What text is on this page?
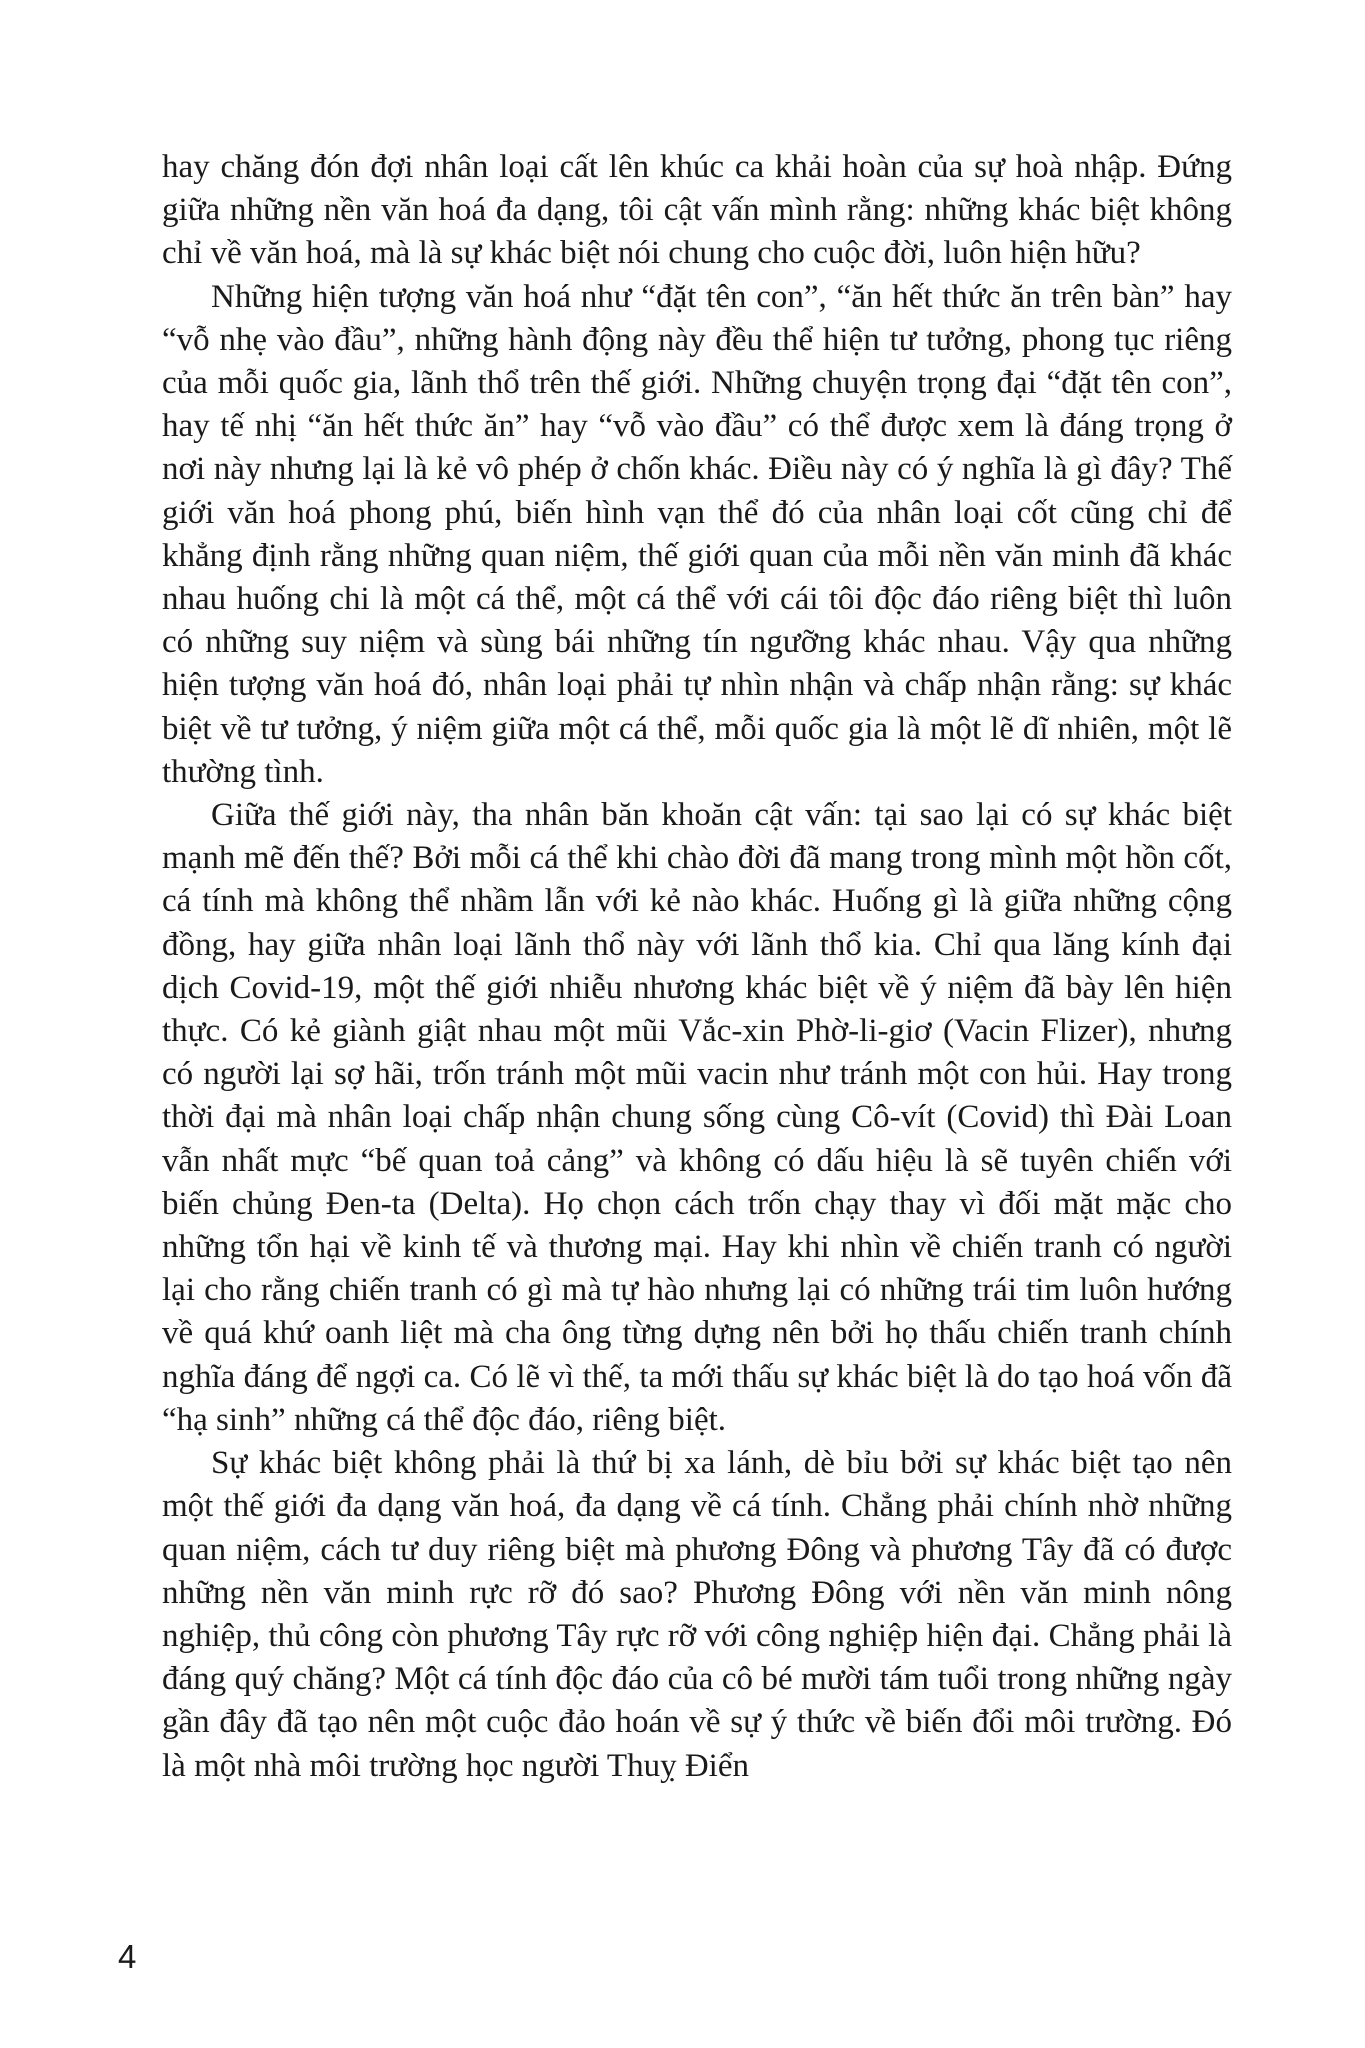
hay chăng đón đợi nhân loại cất lên khúc ca khải hoàn của sự hoà nhập. Đứng giữa những nền văn hoá đa dạng, tôi cật vấn mình rằng: những khác biệt không chỉ về văn hoá, mà là sự khác biệt nói chung cho cuộc đời, luôn hiện hữu?

Những hiện tượng văn hoá như “đặt tên con”, “ăn hết thức ăn trên bàn” hay “vỗ nhẹ vào đầu”, những hành động này đều thể hiện tư tưởng, phong tục riêng của mỗi quốc gia, lãnh thổ trên thế giới. Những chuyện trọng đại “đặt tên con”, hay tế nhị “ăn hết thức ăn” hay “vỗ vào đầu” có thể được xem là đáng trọng ở nơi này nhưng lại là kẻ vô phép ở chốn khác. Điều này có ý nghĩa là gì đây? Thế giới văn hoá phong phú, biến hình vạn thể đó của nhân loại cốt cũng chỉ để khẳng định rằng những quan niệm, thế giới quan của mỗi nền văn minh đã khác nhau huống chi là một cá thể, một cá thể với cái tôi độc đáo riêng biệt thì luôn có những suy niệm và sùng bái những tín ngưỡng khác nhau. Vậy qua những hiện tượng văn hoá đó, nhân loại phải tự nhìn nhận và chấp nhận rằng: sự khác biệt về tư tưởng, ý niệm giữa một cá thể, mỗi quốc gia là một lẽ dĩ nhiên, một lẽ thường tình.

Giữa thế giới này, tha nhân băn khoăn cật vấn: tại sao lại có sự khác biệt mạnh mẽ đến thế? Bởi mỗi cá thể khi chào đời đã mang trong mình một hồn cốt, cá tính mà không thể nhầm lẫn với kẻ nào khác. Huống gì là giữa những cộng đồng, hay giữa nhân loại lãnh thổ này với lãnh thổ kia. Chỉ qua lăng kính đại dịch Covid-19, một thế giới nhiễu nhương khác biệt về ý niệm đã bày lên hiện thực. Có kẻ giành giật nhau một mũi Vắc-xin Phờ-li-giơ (Vacin Flizer), nhưng có người lại sợ hãi, trốn tránh một mũi vacin như tránh một con hủi. Hay trong thời đại mà nhân loại chấp nhận chung sống cùng Cô-vít (Covid) thì Đài Loan vẫn nhất mực “bế quan toả cảng” và không có dấu hiệu là sẽ tuyên chiến với biến chủng Đen-ta (Delta). Họ chọn cách trốn chạy thay vì đối mặt mặc cho những tổn hại về kinh tế và thương mại. Hay khi nhìn về chiến tranh có người lại cho rằng chiến tranh có gì mà tự hào nhưng lại có những trái tim luôn hướng về quá khứ oanh liệt mà cha ông từng dựng nên bởi họ thấu chiến tranh chính nghĩa đáng để ngợi ca. Có lẽ vì thế, ta mới thấu sự khác biệt là do tạo hoá vốn đã “hạ sinh” những cá thể độc đáo, riêng biệt.

Sự khác biệt không phải là thứ bị xa lánh, dè bỉu bởi sự khác biệt tạo nên một thế giới đa dạng văn hoá, đa dạng về cá tính. Chẳng phải chính nhờ những quan niệm, cách tư duy riêng biệt mà phương Đông và phương Tây đã có được những nền văn minh rực rỡ đó sao? Phương Đông với nền văn minh nông nghiệp, thủ công còn phương Tây rực rỡ với công nghiệp hiện đại. Chẳng phải là đáng quý chăng? Một cá tính độc đáo của cô bé mười tám tuổi trong những ngày gần đây đã tạo nên một cuộc đảo hoán về sự ý thức về biến đổi môi trường. Đó là một nhà môi trường học người Thuỵ Điển

4
